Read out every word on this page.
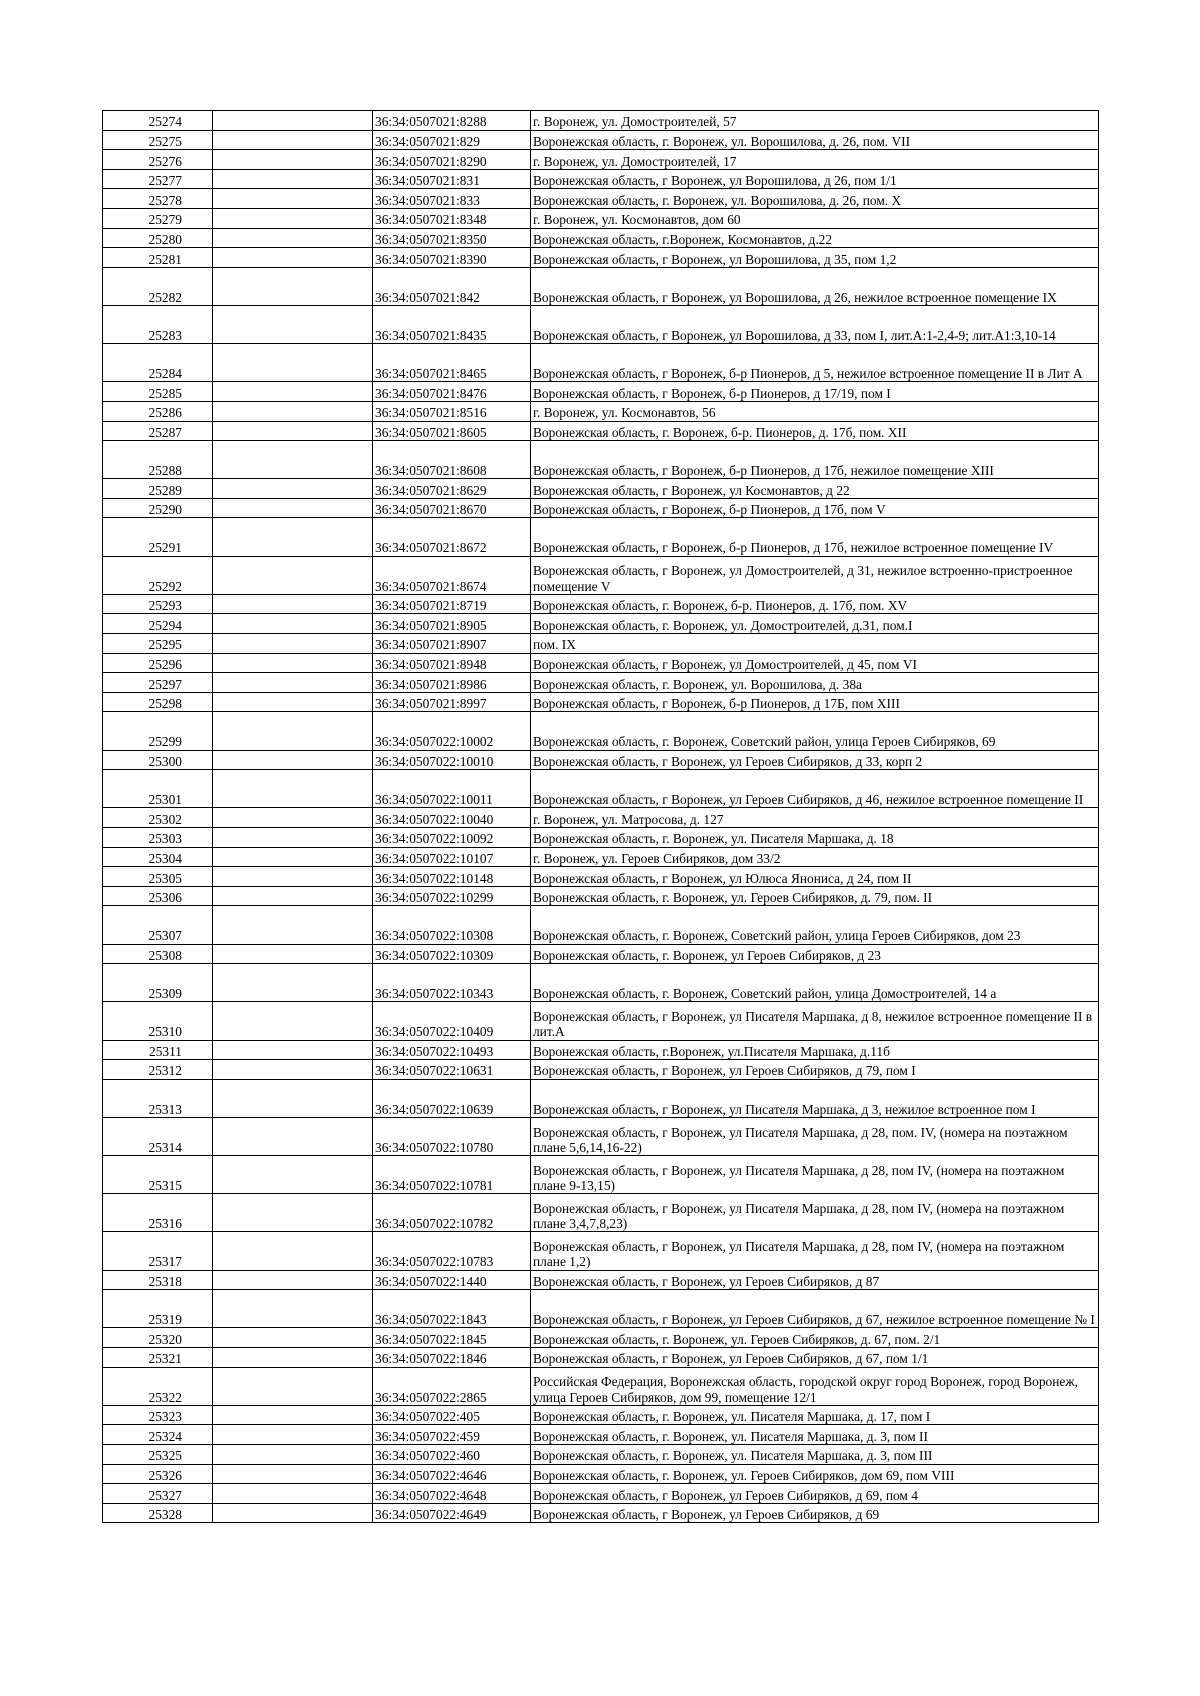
25274		36:34:0507021:8288	г. Воронеж, ул. Домостроителей, 57
25275		36:34:0507021:829	Воронежская область, г. Воронеж, ул. Ворошилова, д. 26, пом. VII
25276		36:34:0507021:8290	г. Воронеж, ул. Домостроителей, 17
25277		36:34:0507021:831	Воронежская область, г Воронеж, ул Ворошилова, д 26, пом 1/1
25278		36:34:0507021:833	Воронежская область, г. Воронеж, ул. Ворошилова, д. 26, пом. X
25279		36:34:0507021:8348	г. Воронеж, ул. Космонавтов, дом 60
25280		36:34:0507021:8350	Воронежская область, г.Воронеж, Космонавтов, д.22
25281		36:34:0507021:8390	Воронежская область, г Воронеж, ул Ворошилова, д 35, пом 1,2
25282		36:34:0507021:842	Воронежская область, г Воронеж, ул Ворошилова, д 26, нежилое встроенное помещение IX
25283		36:34:0507021:8435	Воронежская область, г Воронеж, ул Ворошилова, д 33, пом I, лит.А:1-2,4-9; лит.А1:3,10-14
25284		36:34:0507021:8465	Воронежская область, г Воронеж, б-р Пионеров, д 5, нежилое встроенное помещение II в Лит А
25285		36:34:0507021:8476	Воронежская область, г Воронеж, б-р Пионеров, д 17/19, пом I
25286		36:34:0507021:8516	г. Воронеж, ул. Космонавтов, 56
25287		36:34:0507021:8605	Воронежская область, г. Воронеж, б-р. Пионеров, д. 17б, пом. XII
25288		36:34:0507021:8608	Воронежская область, г Воронеж, б-р Пионеров, д 17б, нежилое помещение XIII
25289		36:34:0507021:8629	Воронежская область, г Воронеж, ул Космонавтов, д 22
25290		36:34:0507021:8670	Воронежская область, г Воронеж, б-р Пионеров, д 17б, пом V
25291		36:34:0507021:8672	Воронежская область, г Воронеж, б-р Пионеров, д 17б, нежилое встроенное помещение IV
25292		36:34:0507021:8674	Воронежская область, г Воронеж, ул Домостроителей, д 31, нежилое встроенно-пристроенное помещение V
25293		36:34:0507021:8719	Воронежская область, г. Воронеж, б-р. Пионеров, д. 17б, пом. XV
25294		36:34:0507021:8905	Воронежская область, г. Воронеж, ул. Домостроителей, д.31, пом.I
25295		36:34:0507021:8907	пом. IX
25296		36:34:0507021:8948	Воронежская область, г Воронеж, ул Домостроителей, д 45, пом VI
25297		36:34:0507021:8986	Воронежская область, г. Воронеж, ул. Ворошилова, д. 38а
25298		36:34:0507021:8997	Воронежская область, г Воронеж, б-р Пионеров, д 17Б, пом XIII
25299		36:34:0507022:10002	Воронежская область, г. Воронеж, Советский район, улица Героев Сибиряков, 69
25300		36:34:0507022:10010	Воронежская область, г Воронеж, ул Героев Сибиряков, д 33, корп 2
25301		36:34:0507022:10011	Воронежская область, г Воронеж, ул Героев Сибиряков, д 46, нежилое встроенное помещение II
25302		36:34:0507022:10040	г. Воронеж, ул. Матросова, д. 127
25303		36:34:0507022:10092	Воронежская область, г. Воронеж, ул. Писателя Маршака, д. 18
25304		36:34:0507022:10107	г. Воронеж, ул. Героев Сибиряков, дом 33/2
25305		36:34:0507022:10148	Воронежская область, г Воронеж, ул Юлюса Янониса, д 24, пом II
25306		36:34:0507022:10299	Воронежская область, г. Воронеж, ул. Героев Сибиряков, д. 79, пом. II
25307		36:34:0507022:10308	Воронежская область, г. Воронеж, Советский район, улица Героев Сибиряков, дом 23
25308		36:34:0507022:10309	Воронежская область, г. Воронеж, ул Героев Сибиряков, д 23
25309		36:34:0507022:10343	Воронежская область, г. Воронеж, Советский район, улица Домостроителей, 14 а
25310		36:34:0507022:10409	Воронежская область, г Воронеж, ул Писателя Маршака, д 8, нежилое встроенное помещение II в лит.А
25311		36:34:0507022:10493	Воронежская область, г.Воронеж, ул.Писателя Маршака, д.11б
25312		36:34:0507022:10631	Воронежская область, г Воронеж, ул Героев Сибиряков, д 79, пом I
25313		36:34:0507022:10639	Воронежская область, г Воронеж, ул Писателя Маршака, д 3, нежилое встроенное пом I
25314		36:34:0507022:10780	Воронежская область, г Воронеж, ул Писателя Маршака, д 28, пом. IV, (номера на поэтажном плане 5,6,14,16-22)
25315		36:34:0507022:10781	Воронежская область, г Воронеж, ул Писателя Маршака, д 28, пом IV, (номера на поэтажном плане 9-13,15)
25316		36:34:0507022:10782	Воронежская область, г Воронеж, ул Писателя Маршака, д 28, пом IV, (номера на поэтажном плане 3,4,7,8,23)
25317		36:34:0507022:10783	Воронежская область, г Воронеж, ул Писателя Маршака, д 28, пом IV, (номера на поэтажном плане 1,2)
25318		36:34:0507022:1440	Воронежская область, г Воронеж, ул Героев Сибиряков, д 87
25319		36:34:0507022:1843	Воронежская область, г Воронеж, ул Героев Сибиряков, д 67, нежилое встроенное помещение № I
25320		36:34:0507022:1845	Воронежская область, г. Воронеж, ул. Героев Сибиряков, д. 67, пом. 2/1
25321		36:34:0507022:1846	Воронежская область, г Воронеж, ул Героев Сибиряков, д 67, пом 1/1
25322		36:34:0507022:2865	Российская Федерация, Воронежская область, городской округ город Воронеж, город Воронеж, улица Героев Сибиряков, дом 99, помещение 12/1
25323		36:34:0507022:405	Воронежская область, г. Воронеж, ул. Писателя Маршака, д. 17, пом I
25324		36:34:0507022:459	Воронежская область, г. Воронеж, ул. Писателя Маршака, д. 3, пом II
25325		36:34:0507022:460	Воронежская область, г. Воронеж, ул. Писателя Маршака, д. 3, пом III
25326		36:34:0507022:4646	Воронежская область, г. Воронеж, ул. Героев Сибиряков, дом 69, пом VIII
25327		36:34:0507022:4648	Воронежская область, г Воронеж, ул Героев Сибиряков, д 69, пом 4
25328		36:34:0507022:4649	Воронежская область, г Воронеж, ул Героев Сибиряков, д 69
